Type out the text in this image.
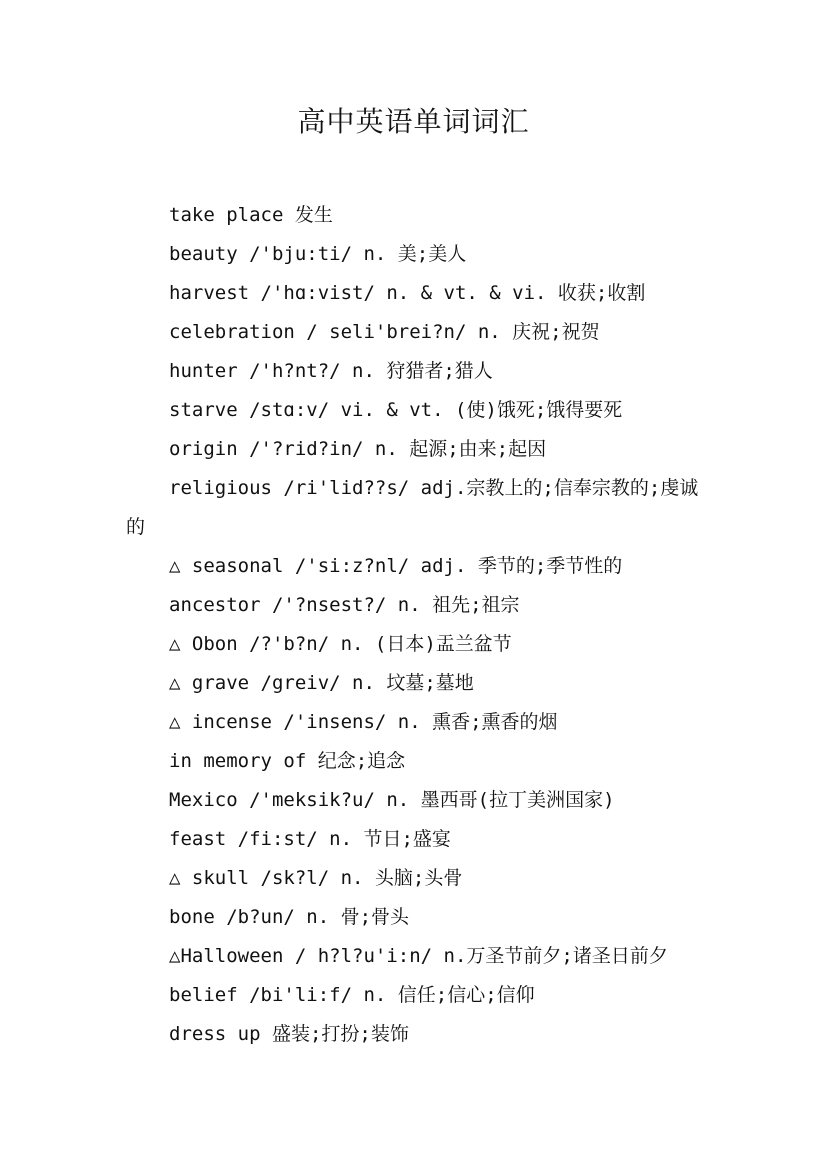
高中英语单词词汇
take place 发生
beauty /'bju:ti/ n. 美;美人
harvest /'hɑ:vist/ n. & vt. & vi. 收获;收割
celebration / seli'brei?n/ n. 庆祝;祝贺
hunter /'h?nt?/ n. 狩猎者;猎人
starve /stɑ:v/ vi. & vt. (使)饿死;饿得要死
origin /'?rid?in/ n. 起源;由来;起因
religious /ri'lid??s/ adj.宗教上的;信奉宗教的;虔诚的
△ seasonal /'si:z?nl/ adj. 季节的;季节性的
ancestor /'?nsest?/ n. 祖先;祖宗
△ Obon /?'b?n/ n. (日本)盂兰盆节
△ grave /greiv/ n. 坟墓;墓地
△ incense /'insens/ n. 熏香;熏香的烟
in memory of 纪念;追念
Mexico /'meksik?u/ n. 墨西哥(拉丁美洲国家)
feast /fi:st/ n. 节日;盛宴
△ skull /sk?l/ n. 头脑;头骨
bone /b?un/ n. 骨;骨头
△Halloween / h?l?u'i:n/ n.万圣节前夕;诸圣日前夕
belief /bi'li:f/ n. 信任;信心;信仰
dress up 盛装;打扮;装饰
